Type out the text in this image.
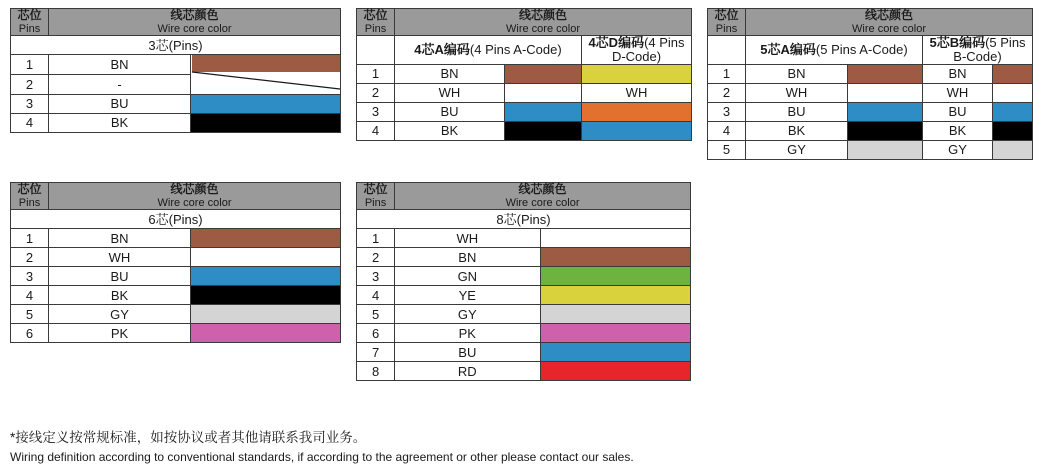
芯位
Pins	线芯颜色
Wire core color	

3芯(Pins)		
1	BN	
2	-	
3	BU	
4	BK	
芯位
Pins	线芯颜色
Wire core color		

	4芯A编码(4 Pins A-Code)		4芯D编码(4 Pins D-Code)
1	BN		
2	WH		WH
3	BU		
4	BK		
芯位
Pins	线芯颜色
Wire core color			

	5芯A编码(5 Pins A-Code)		5芯B编码(5 Pins B-Code)	
1	BN		BN	
2	WH		WH	
3	BU		BU	
4	BK		BK	
5	GY		GY	
芯位
Pins	线芯颜色
Wire core color	

6芯(Pins)		
1	BN	
2	WH	
3	BU	
4	BK	
5	GY	
6	PK	
芯位
Pins	线芯颜色
Wire core color	

8芯(Pins)		
1	WH	
2	BN	
3	GN	
4	YE	
5	GY	
6	PK	
7	BU	
8	RD	
*接线定义按常规标准，如按协议或者其他请联系我司业务。
Wiring definition according to conventional standards, if according to the agreement or other please contact our sales.
